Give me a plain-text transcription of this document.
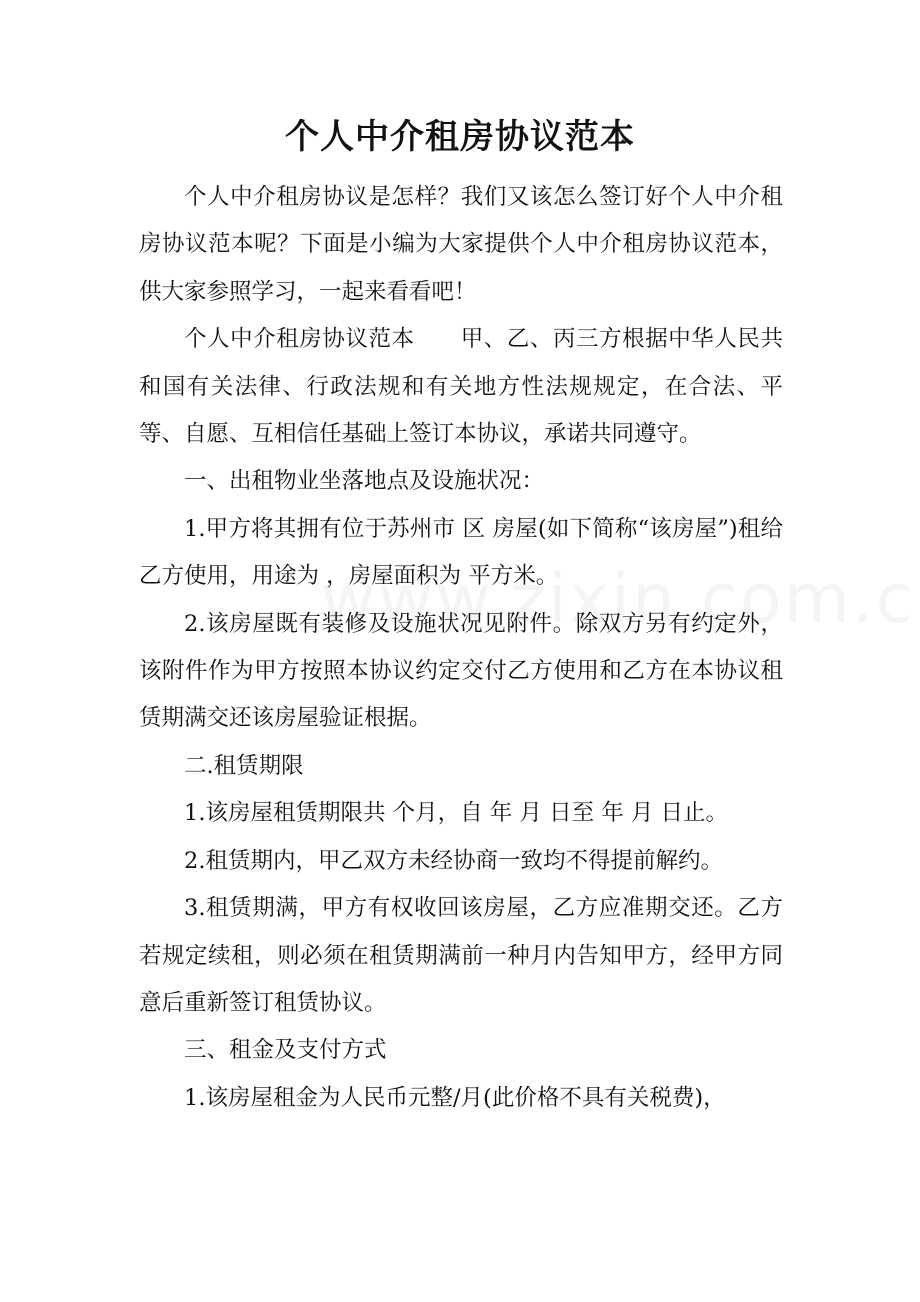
个人中介租房协议范本

个人中介租房协议是怎样？我们又该怎么签订好个人中介租房协议范本呢？下面是小编为大家提供个人中介租房协议范本，供大家参照学习，一起来看看吧！

个人中介租房协议范本　　甲、乙、丙三方根据中华人民共和国有关法律、行政法规和有关地方性法规规定，在合法、平等、自愿、互相信任基础上签订本协议，承诺共同遵守。

一、出租物业坐落地点及设施状况：

1.甲方将其拥有位于苏州市 区 房屋(如下简称“该房屋”)租给乙方使用，用途为 ，房屋面积为 平方米。

2.该房屋既有装修及设施状况见附件。除双方另有约定外，该附件作为甲方按照本协议约定交付乙方使用和乙方在本协议租赁期满交还该房屋验证根据。

二.租赁期限

1.该房屋租赁期限共 个月，自 年 月 日至 年 月 日止。

2.租赁期内，甲乙双方未经协商一致均不得提前解约。

3.租赁期满，甲方有权收回该房屋，乙方应准期交还。乙方若规定续租，则必须在租赁期满前一种月内告知甲方，经甲方同意后重新签订租赁协议。

三、租金及支付方式

1.该房屋租金为人民币元整/月(此价格不具有关税费)，
